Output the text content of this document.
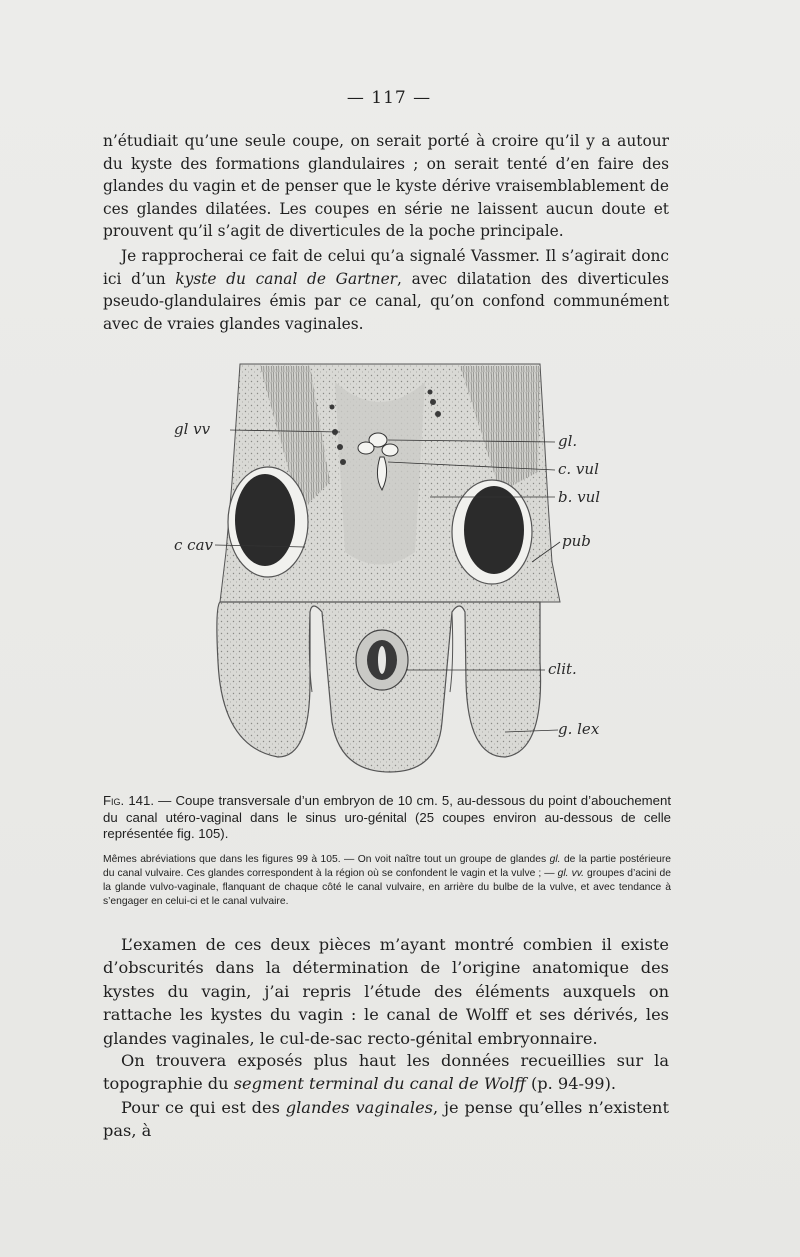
— 117 —

n’étudiait qu’une seule coupe, on serait porté à croire qu’il y a autour du kyste des formations glandulaires ; on serait tenté d’en faire des glandes du vagin et de penser que le kyste dérive vraisemblablement de ces glandes dilatées. Les coupes en série ne laissent aucun doute et prouvent qu’il s’agit de diverticules de la poche principale.

Je rapprocherai ce fait de celui qu’a signalé Vassmer. Il s’agirait donc ici d’un kyste du canal de Gartner, avec dilatation des diverticules pseudo-glandulaires émis par ce canal, qu’on confond communément avec de vraies glandes vaginales.

gl vv
c cav
gl.
c. vul
b. vul
pub
clit.
g. lex
Fig. 141. — Coupe transversale d’un embryon de 10 cm. 5, au-dessous du point d’abouchement du canal utéro-vaginal dans le sinus uro-génital (25 coupes environ au-dessous de celle représentée fig. 105).
Mêmes abréviations que dans les figures 99 à 105. — On voit naître tout un groupe de glandes gl. de la partie postérieure du canal vulvaire. Ces glandes correspondent à la région où se confondent le vagin et la vulve ; — gl. vv. groupes d’acini de la glande vulvo-vaginale, flanquant de chaque côté le canal vulvaire, en arrière du bulbe de la vulve, et avec tendance à s’engager en celui-ci et le canal vulvaire.

L’examen de ces deux pièces m’ayant montré combien il existe d’obscurités dans la détermination de l’origine anatomique des kystes du vagin, j’ai repris l’étude des éléments auxquels on rattache les kystes du vagin : le canal de Wolff et ses dérivés, les glandes vaginales, le cul-de-sac recto-génital embryonnaire.

On trouvera exposés plus haut les données recueillies sur la topographie du segment terminal du canal de Wolff (p. 94-99).

Pour ce qui est des glandes vaginales, je pense qu’elles n’existent pas, à
